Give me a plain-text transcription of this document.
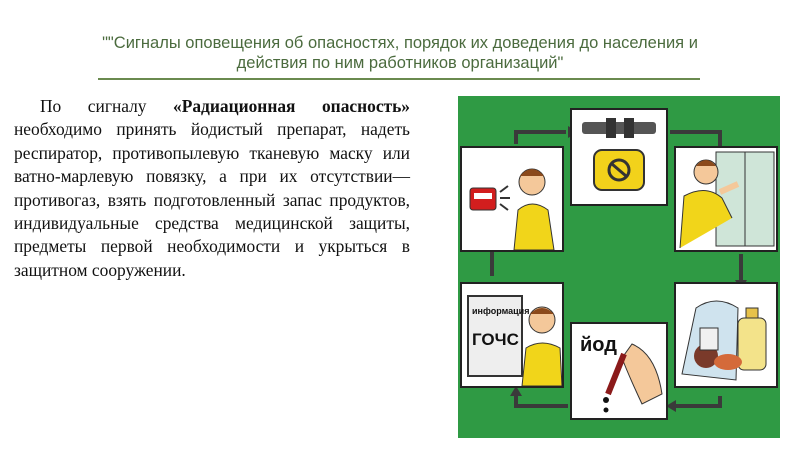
""Сигналы оповещения об опасностях, порядок их доведения до населения и действия по ним работников организаций"

По сигналу «Радиационная опасность» необходимо принять йодистый препарат, надеть респиратор, противопылевую тканевую маску или ватно-марлевую повязку, а при их отсутствии—противогаз, взять подготовленный запас продуктов, индивидуальные средства медицинской защиты, предметы первой необходимости и укрыться в защитном сооружении.

информация
ГОЧС	йод
